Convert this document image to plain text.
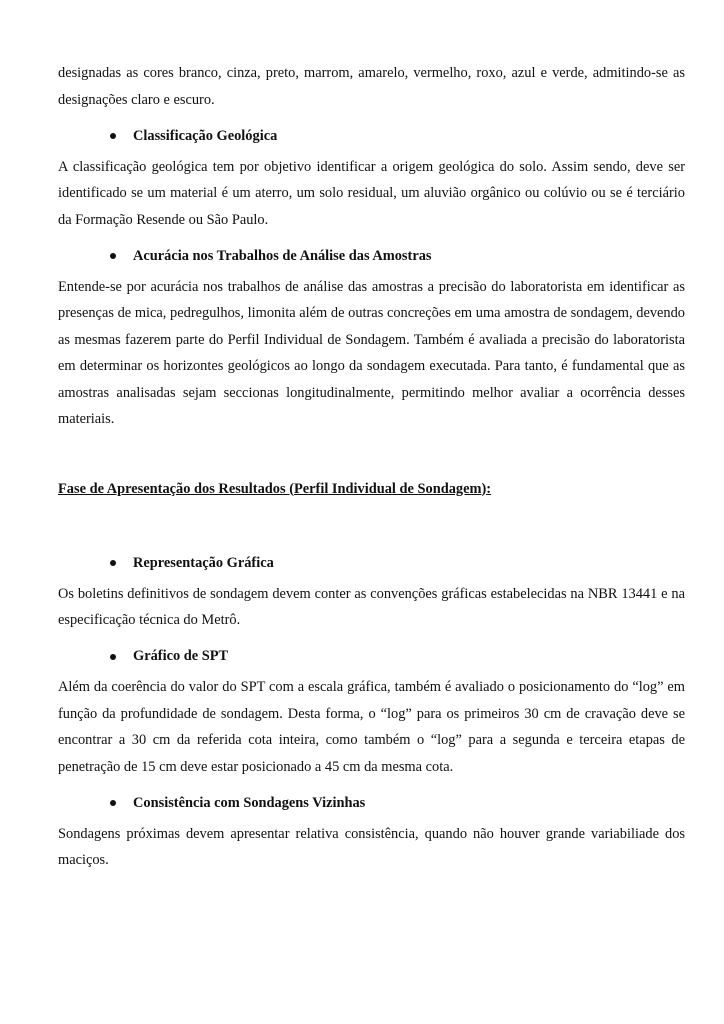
designadas as cores branco, cinza, preto, marrom, amarelo, vermelho, roxo, azul e verde, admitindo-se as designações claro e escuro.

Classificação Geológica

A classificação geológica tem por objetivo identificar a origem geológica do solo. Assim sendo, deve ser identificado se um material é um aterro, um solo residual, um aluvião orgânico ou colúvio ou se é terciário da Formação Resende ou São Paulo.

Acurácia nos Trabalhos de Análise das Amostras

Entende-se por acurácia nos trabalhos de análise das amostras a precisão do laboratorista em identificar as presenças de mica, pedregulhos, limonita além de outras concreções em uma amostra de sondagem, devendo as mesmas fazerem parte do Perfil Individual de Sondagem. Também é avaliada a precisão do laboratorista em determinar os horizontes geológicos ao longo da sondagem executada. Para tanto, é fundamental que as amostras analisadas sejam seccionas longitudinalmente, permitindo melhor avaliar a ocorrência desses materiais.

Fase de Apresentação dos Resultados (Perfil Individual de Sondagem):

Representação Gráfica

Os boletins definitivos de sondagem devem conter as convenções gráficas estabelecidas na NBR 13441 e na especificação técnica do Metrô.

Gráfico de SPT

Além da coerência do valor do SPT com a escala gráfica, também é avaliado o posicionamento do “log” em função da profundidade de sondagem. Desta forma, o “log” para os primeiros 30 cm de cravação deve se encontrar a 30 cm da referida cota inteira, como também o “log” para a segunda e terceira etapas de penetração de 15 cm deve estar posicionado a 45 cm da mesma cota.

Consistência com Sondagens Vizinhas

Sondagens próximas devem apresentar relativa consistência, quando não houver grande variabiliade dos maciços.
